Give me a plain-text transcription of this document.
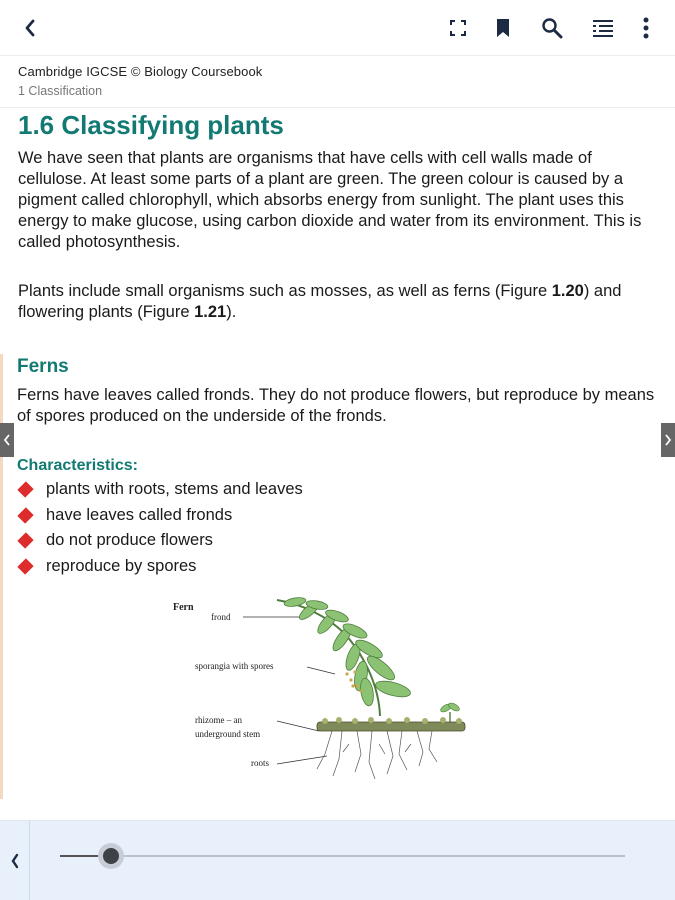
Cambridge IGCSE © Biology Coursebook
1 Classification
1.6 Classifying plants

We have seen that plants are organisms that have cells with cell walls made of cellulose. At least some parts of a plant are green. The green colour is caused by a pigment called chlorophyll, which absorbs energy from sunlight. The plant uses this energy to make glucose, using carbon dioxide and water from its environment. This is called photosynthesis.

Plants include small organisms such as mosses, as well as ferns (Figure 1.20) and flowering plants (Figure 1.21).

Ferns

Ferns have leaves called fronds. They do not produce flowers, but reproduce by means of spores produced on the underside of the fronds.

Characteristics:
plants with roots, stems and leaves
have leaves called fronds
do not produce flowers
reproduce by spores
Fern
frond
sporangia with spores
rhizome – an
underground stem
roots
